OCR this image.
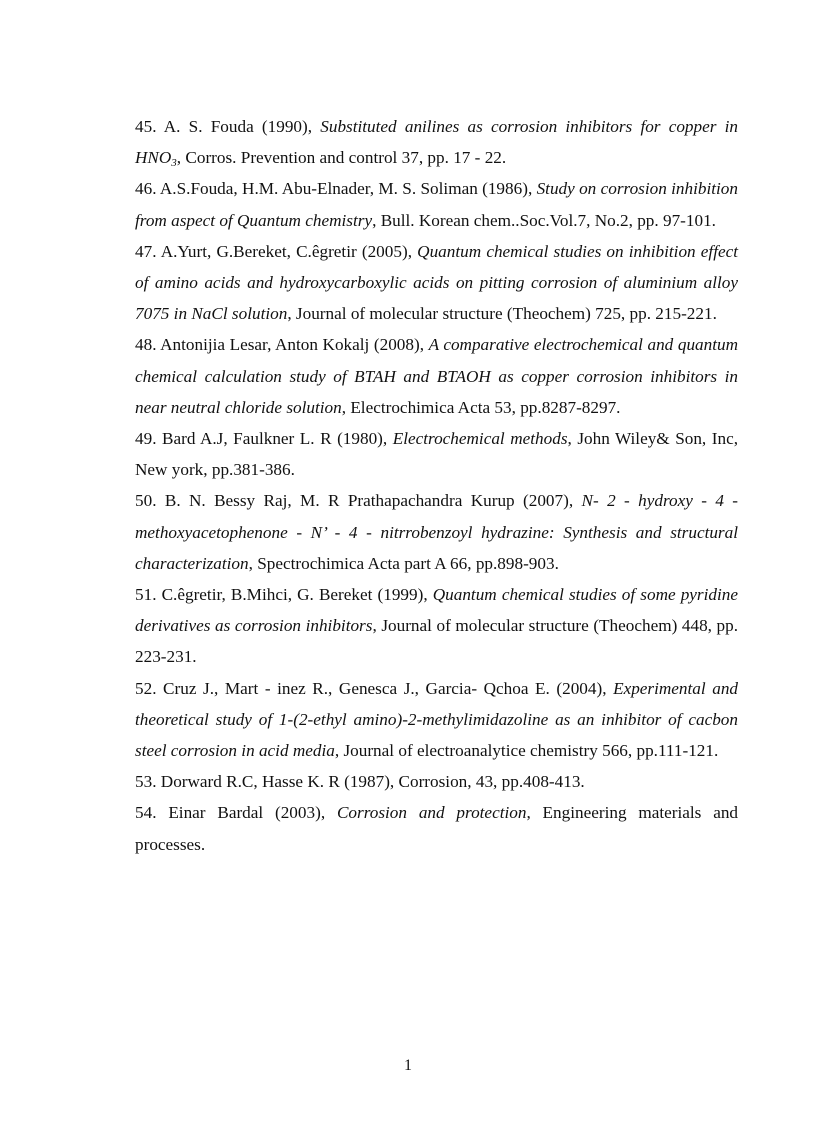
45. A. S. Fouda (1990), Substituted anilines as corrosion inhibitors for copper in $HNO_3$, Corros. Prevention and control 37, pp. 17 - 22.

46. A.S.Fouda, H.M. Abu-Elnader, M. S. Soliman (1986), Study on corrosion inhibition from aspect of Quantum chemistry, Bull. Korean chem..Soc.Vol.7, No.2, pp. 97-101.

47. A.Yurt, G.Bereket, C.êgretir (2005), Quantum chemical studies on inhibition effect of amino acids and hydroxycarboxylic acids on pitting corrosion of aluminium alloy 7075 in NaCl solution, Journal of molecular structure (Theochem) 725, pp. 215-221.

48. Antonijia Lesar, Anton Kokalj (2008), A comparative electrochemical and quantum chemical calculation study of BTAH and BTAOH as copper corrosion inhibitors in near neutral chloride solution, Electrochimica Acta 53, pp.8287-8297.

49. Bard A.J, Faulkner L. R (1980), Electrochemical methods, John Wiley& Son, Inc, New york, pp.381-386.

50. B. N. Bessy Raj, M. R Prathapachandra Kurup (2007), N- 2 - hydroxy - 4 - methoxyacetophenone - N’ - 4 - nitrrobenzoyl hydrazine: Synthesis and structural characterization, Spectrochimica Acta part A 66, pp.898-903.

51. C.êgretir, B.Mihci, G. Bereket (1999), Quantum chemical studies of some pyridine derivatives as corrosion inhibitors, Journal of molecular structure (Theochem) 448, pp. 223-231.

52. Cruz J., Mart - inez R., Genesca J., Garcia- Qchoa E. (2004), Experimental and theoretical study of 1-(2-ethyl amino)-2-methylimidazoline as an inhibitor of cacbon steel corrosion in acid media, Journal of electroanalytice chemistry 566, pp.111-121.

53. Dorward R.C, Hasse K. R (1987), Corrosion, 43, pp.408-413.

54. Einar Bardal (2003), Corrosion and protection, Engineering materials and processes.

1
